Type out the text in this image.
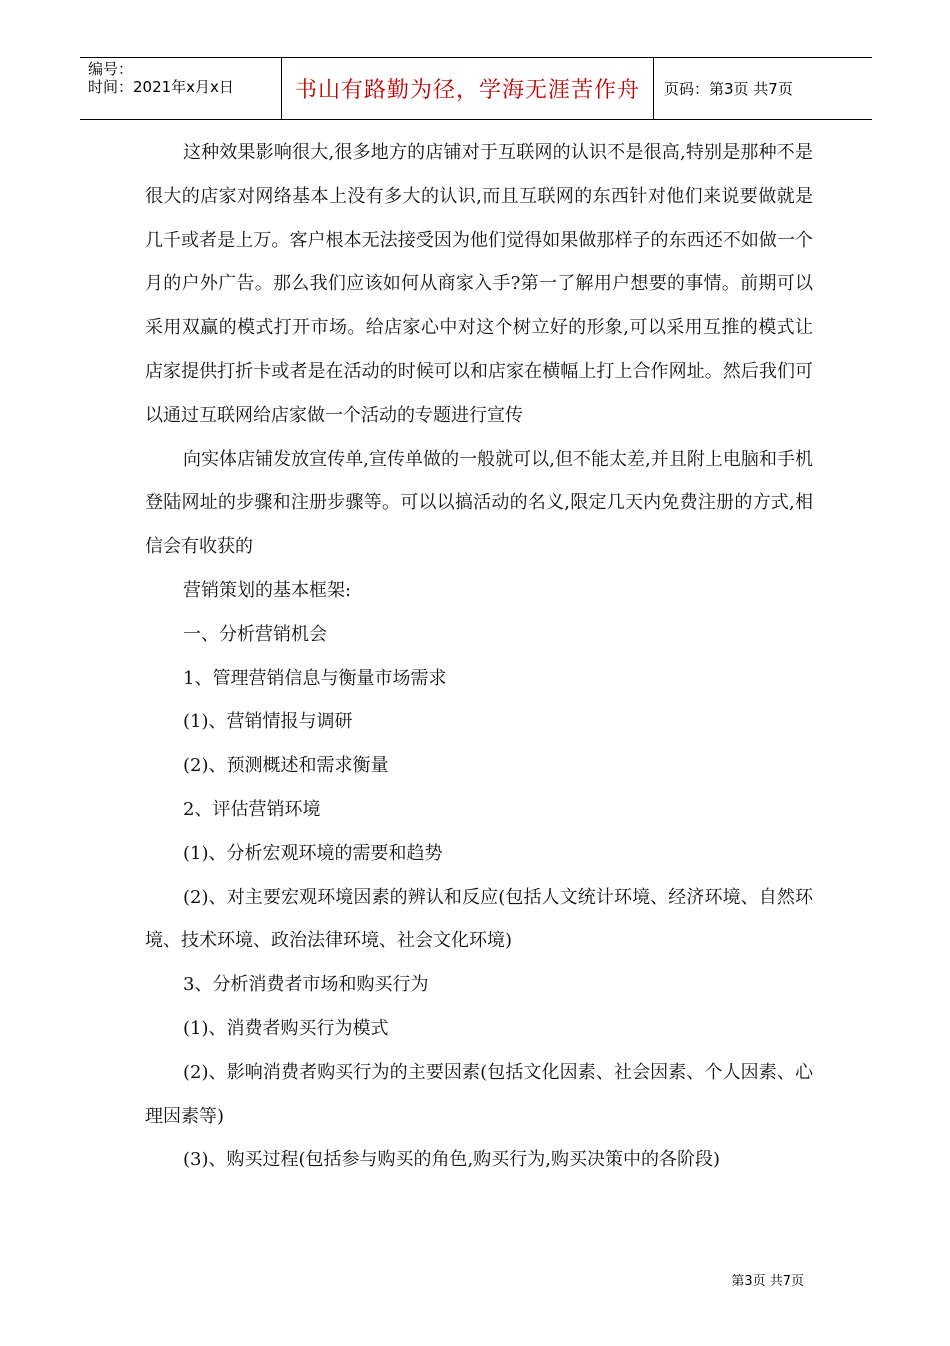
编号：
时间：2021年x月x日	书山有路勤为径，学海无涯苦作舟	页码：第3页 共7页

这种效果影响很大,很多地方的店铺对于互联网的认识不是很高,特别是那种不是很大的店家对网络基本上没有多大的认识,而且互联网的东西针对他们来说要做就是几千或者是上万。客户根本无法接受因为他们觉得如果做那样子的东西还不如做一个月的户外广告。那么我们应该如何从商家入手?第一了解用户想要的事情。前期可以采用双赢的模式打开市场。给店家心中对这个树立好的形象,可以采用互推的模式让店家提供打折卡或者是在活动的时候可以和店家在横幅上打上合作网址。然后我们可以通过互联网给店家做一个活动的专题进行宣传

向实体店铺发放宣传单,宣传单做的一般就可以,但不能太差,并且附上电脑和手机登陆网址的步骤和注册步骤等。可以以搞活动的名义,限定几天内免费注册的方式,相信会有收获的

营销策划的基本框架:

一、分析营销机会

1、管理营销信息与衡量市场需求

(1)、营销情报与调研

(2)、预测概述和需求衡量

2、评估营销环境

(1)、分析宏观环境的需要和趋势

(2)、对主要宏观环境因素的辨认和反应(包括人文统计环境、经济环境、自然环境、技术环境、政治法律环境、社会文化环境)

3、分析消费者市场和购买行为

(1)、消费者购买行为模式

(2)、影响消费者购买行为的主要因素(包括文化因素、社会因素、个人因素、心理因素等)

(3)、购买过程(包括参与购买的角色,购买行为,购买决策中的各阶段)

第3页 共7页
